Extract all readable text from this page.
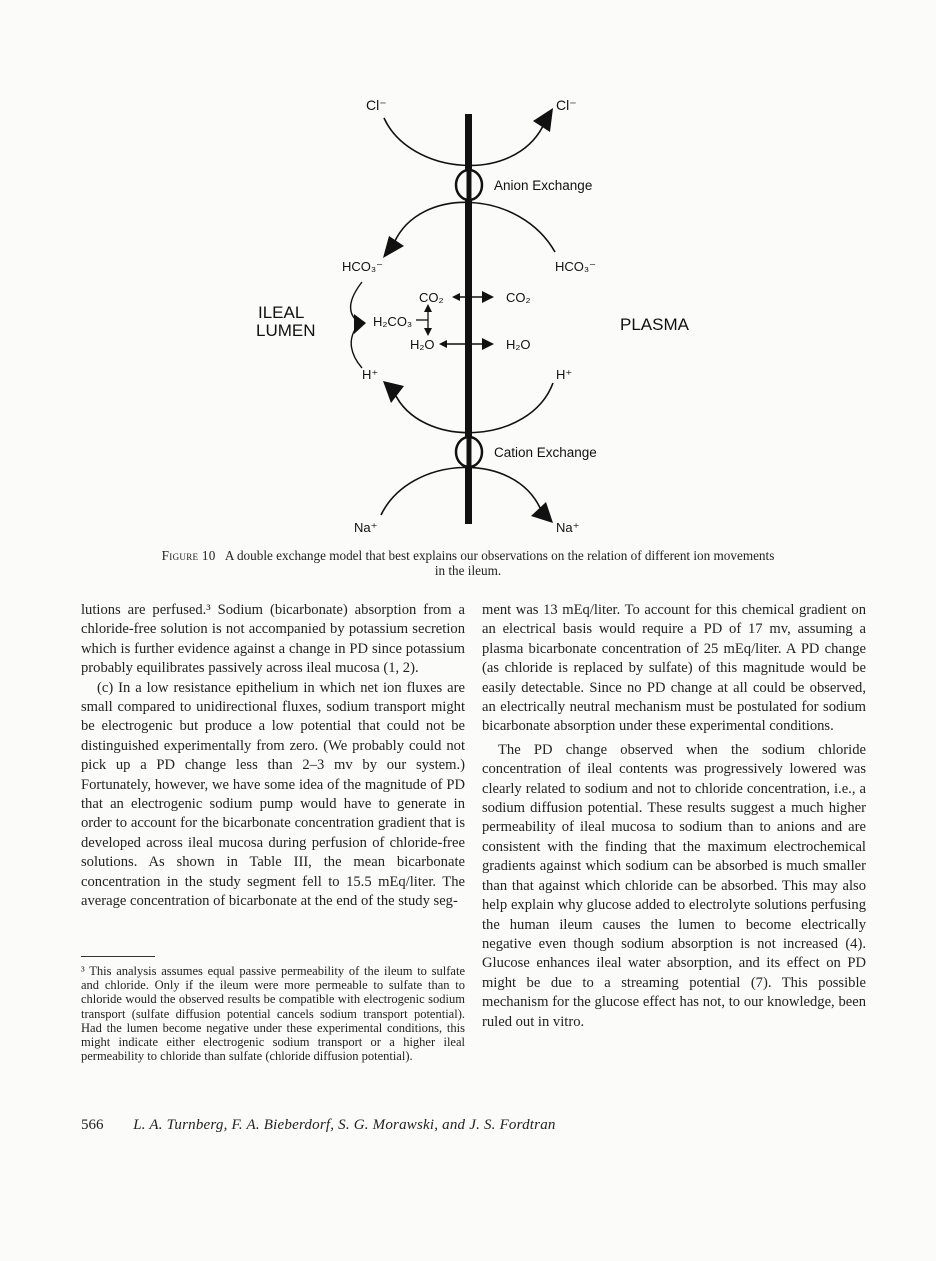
Cl⁻	Cl⁻
Anion Exchange
HCO₃⁻	HCO₃⁻
ILEAL
LUMEN	PLASMA
CO₂	CO₂
H₂CO₃
H₂O	H₂O
H⁺	H⁺
Cation Exchange
Na⁺	Na⁺
Figure 10 A double exchange model that best explains our observations on the relation of different ion movements in the ileum.

lutions are perfused.³ Sodium (bicarbonate) absorption from a chloride-free solution is not accompanied by potassium secretion which is further evidence against a change in PD since potassium probably equilibrates passively across ileal mucosa (1, 2).

(c) In a low resistance epithelium in which net ion fluxes are small compared to unidirectional fluxes, sodium transport might be electrogenic but produce a low potential that could not be distinguished experimentally from zero. (We probably could not pick up a PD change less than 2–3 mv by our system.) Fortunately, however, we have some idea of the magnitude of PD that an electrogenic sodium pump would have to generate in order to account for the bicarbonate concentration gradient that is developed across ileal mucosa during perfusion of chloride-free solutions. As shown in Table III, the mean bicarbonate concentration in the study segment fell to 15.5 mEq/liter. The average concentration of bicarbonate at the end of the study seg-

ment was 13 mEq/liter. To account for this chemical gradient on an electrical basis would require a PD of 17 mv, assuming a plasma bicarbonate concentration of 25 mEq/liter. A PD change (as chloride is replaced by sulfate) of this magnitude would be easily detectable. Since no PD change at all could be observed, an electrically neutral mechanism must be postulated for sodium bicarbonate absorption under these experimental conditions.

The PD change observed when the sodium chloride concentration of ileal contents was progressively lowered was clearly related to sodium and not to chloride concentration, i.e., a sodium diffusion potential. These results suggest a much higher permeability of ileal mucosa to sodium than to anions and are consistent with the finding that the maximum electrochemical gradients against which sodium can be absorbed is much smaller than that against which chloride can be absorbed. This may also help explain why glucose added to electrolyte solutions perfusing the human ileum causes the lumen to become electrically negative even though sodium absorption is not increased (4). Glucose enhances ileal water absorption, and its effect on PD might be due to a streaming potential (7). This possible mechanism for the glucose effect has not, to our knowledge, been ruled out in vitro.

³ This analysis assumes equal passive permeability of the ileum to sulfate and chloride. Only if the ileum were more permeable to sulfate than to chloride would the observed results be compatible with electrogenic sodium transport (sulfate diffusion potential cancels sodium transport potential). Had the lumen become negative under these experimental conditions, this might indicate either electrogenic sodium transport or a higher ileal permeability to chloride than sulfate (chloride diffusion potential).
566 L. A. Turnberg, F. A. Bieberdorf, S. G. Morawski, and J. S. Fordtran
